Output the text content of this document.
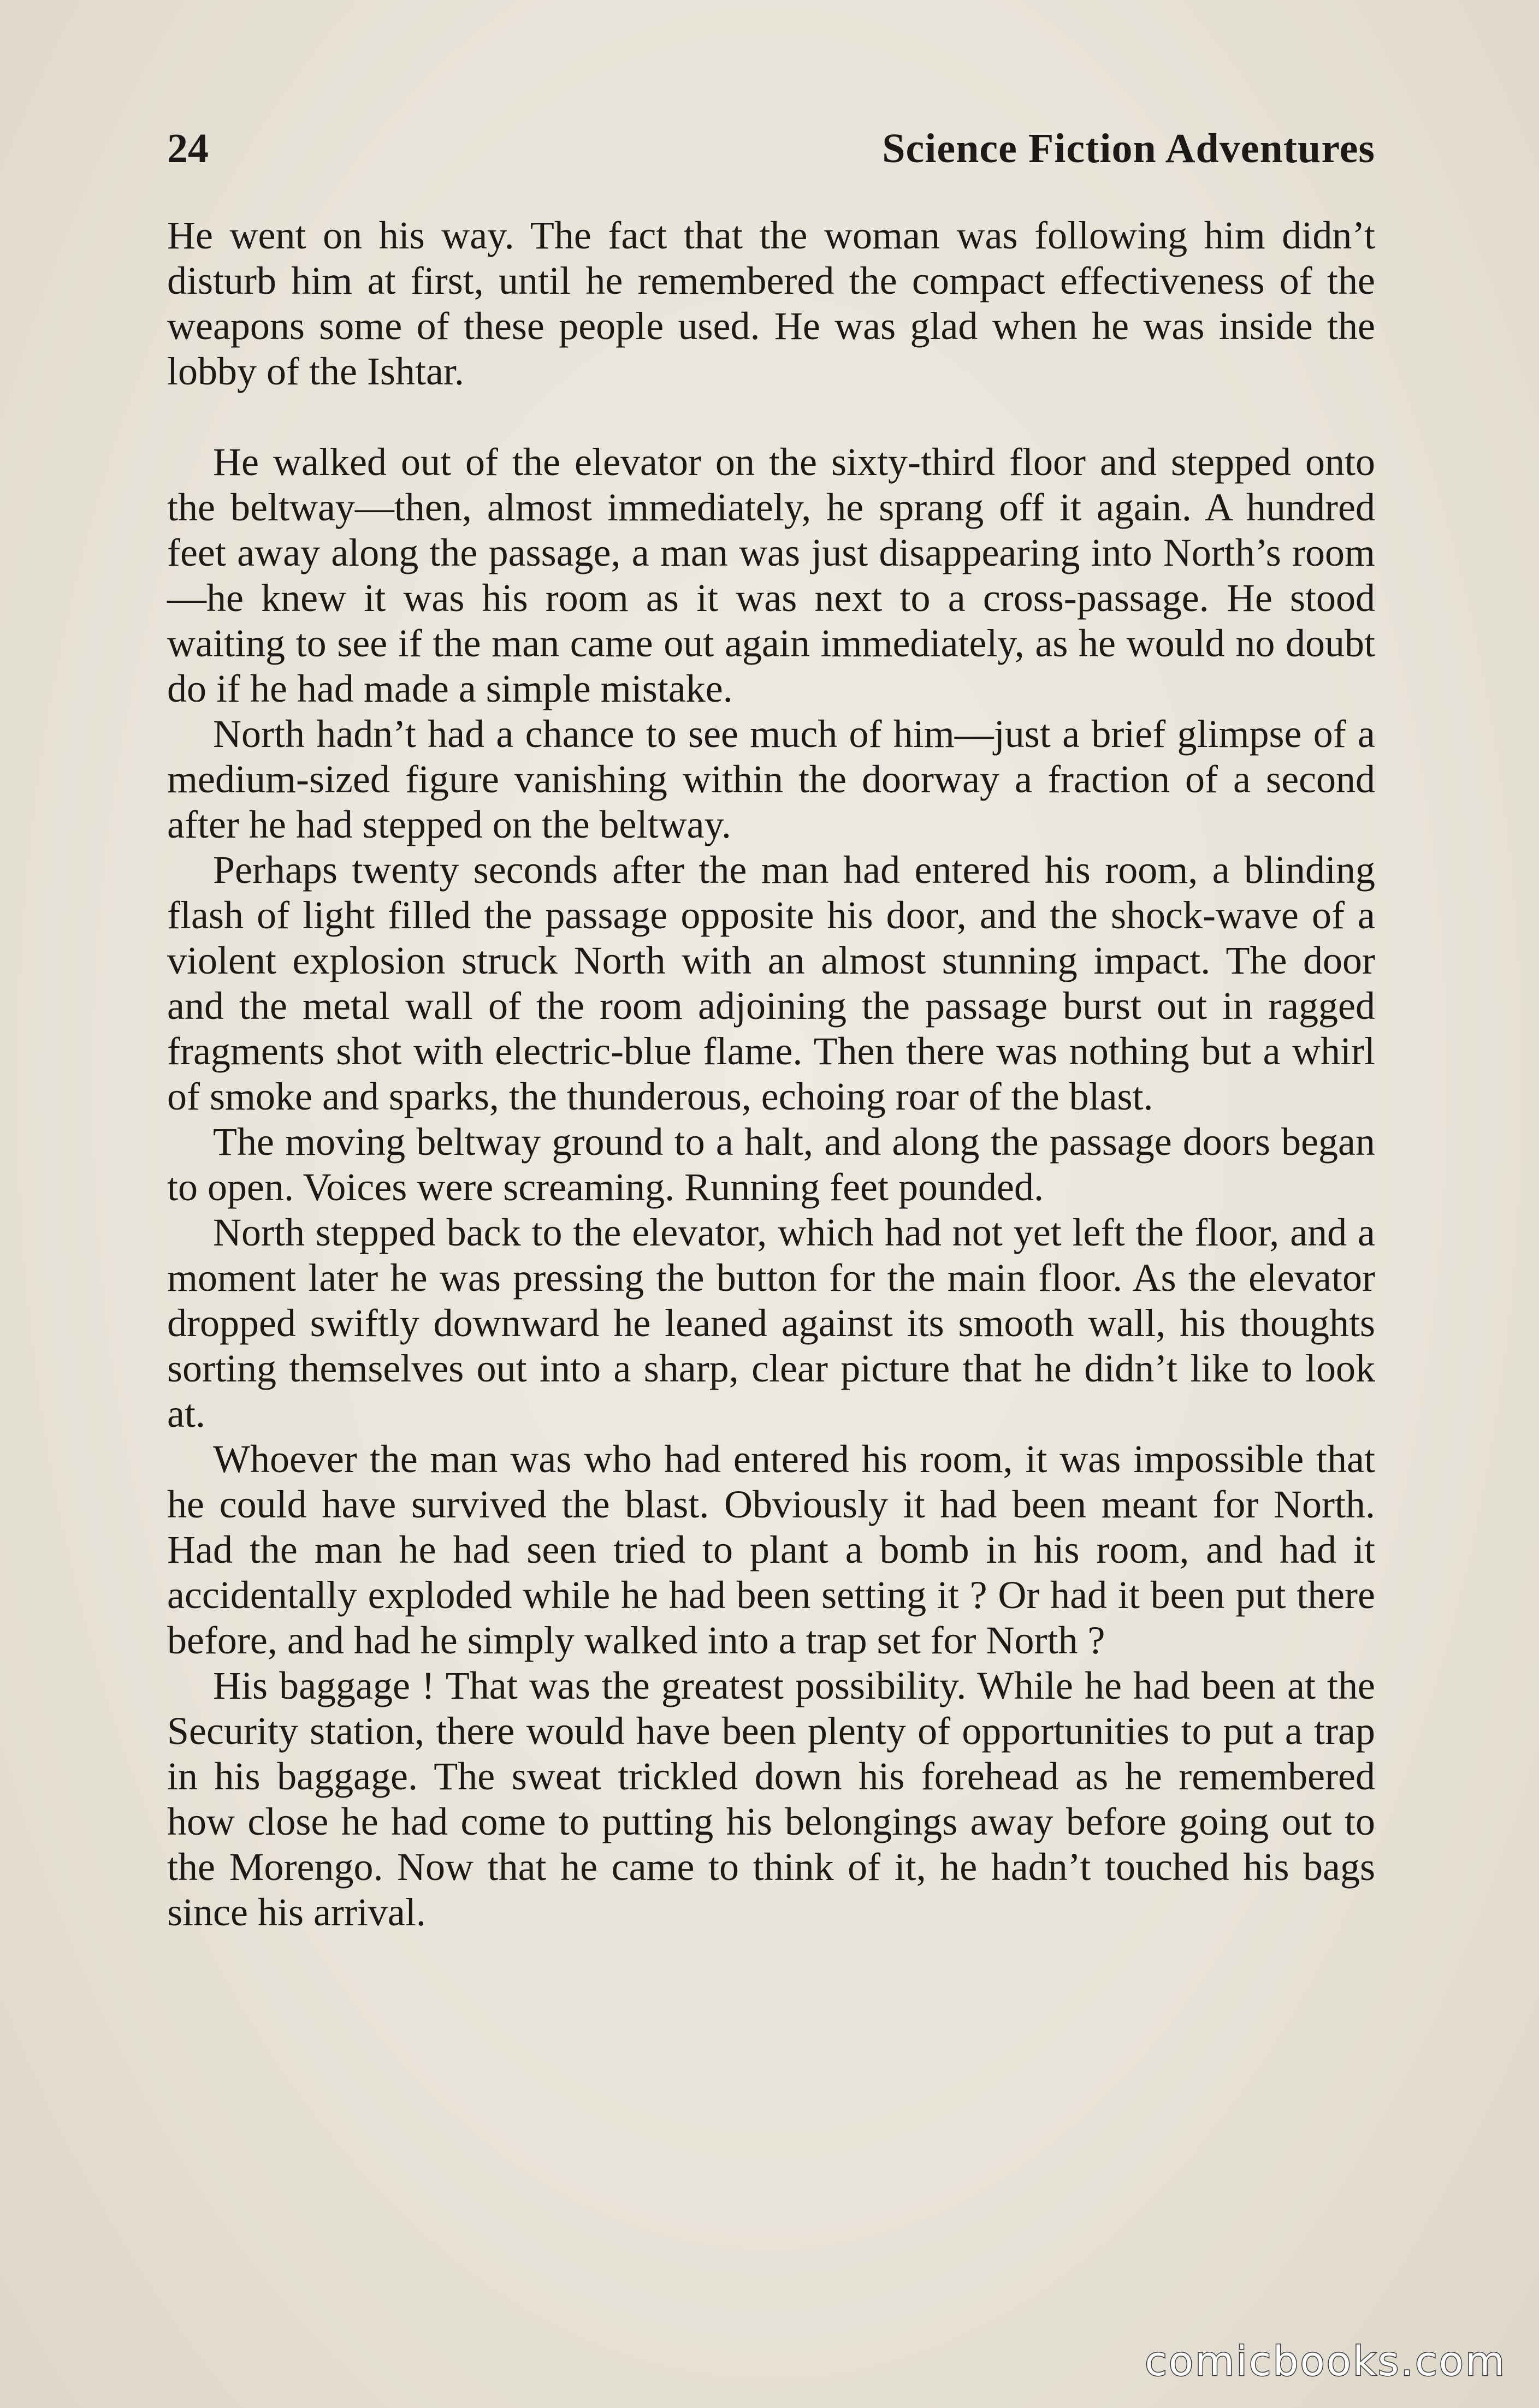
24	Science Fiction Adventures

He went on his way. The fact that the woman was following him didn’t disturb him at first, until he remembered the compact effectiveness of the weapons some of these people used. He was glad when he was inside the lobby of the Ishtar.

He walked out of the elevator on the sixty-third floor and stepped onto the beltway—then, almost immediately, he sprang off it again. A hundred feet away along the passage, a man was just disappearing into North’s room—he knew it was his room as it was next to a cross-passage. He stood waiting to see if the man came out again immediately, as he would no doubt do if he had made a simple mistake.

North hadn’t had a chance to see much of him—just a brief glimpse of a medium-sized figure vanishing within the doorway a fraction of a second after he had stepped on the beltway.

Perhaps twenty seconds after the man had entered his room, a blinding flash of light filled the passage opposite his door, and the shock-wave of a violent explosion struck North with an almost stunning impact. The door and the metal wall of the room adjoining the passage burst out in ragged fragments shot with electric-blue flame. Then there was nothing but a whirl of smoke and sparks, the thunderous, echoing roar of the blast.

The moving beltway ground to a halt, and along the passage doors began to open. Voices were screaming. Running feet pounded.

North stepped back to the elevator, which had not yet left the floor, and a moment later he was pressing the button for the main floor. As the elevator dropped swiftly downward he leaned against its smooth wall, his thoughts sorting themselves out into a sharp, clear picture that he didn’t like to look at.

Whoever the man was who had entered his room, it was impossible that he could have survived the blast. Obviously it had been meant for North. Had the man he had seen tried to plant a bomb in his room, and had it accidentally exploded while he had been setting it ? Or had it been put there before, and had he simply walked into a trap set for North ?

His baggage ! That was the greatest possibility. While he had been at the Security station, there would have been plenty of opportunities to put a trap in his baggage. The sweat trickled down his forehead as he remembered how close he had come to putting his belongings away before going out to the Morengo. Now that he came to think of it, he hadn’t touched his bags since his arrival.

comicbooks.com
